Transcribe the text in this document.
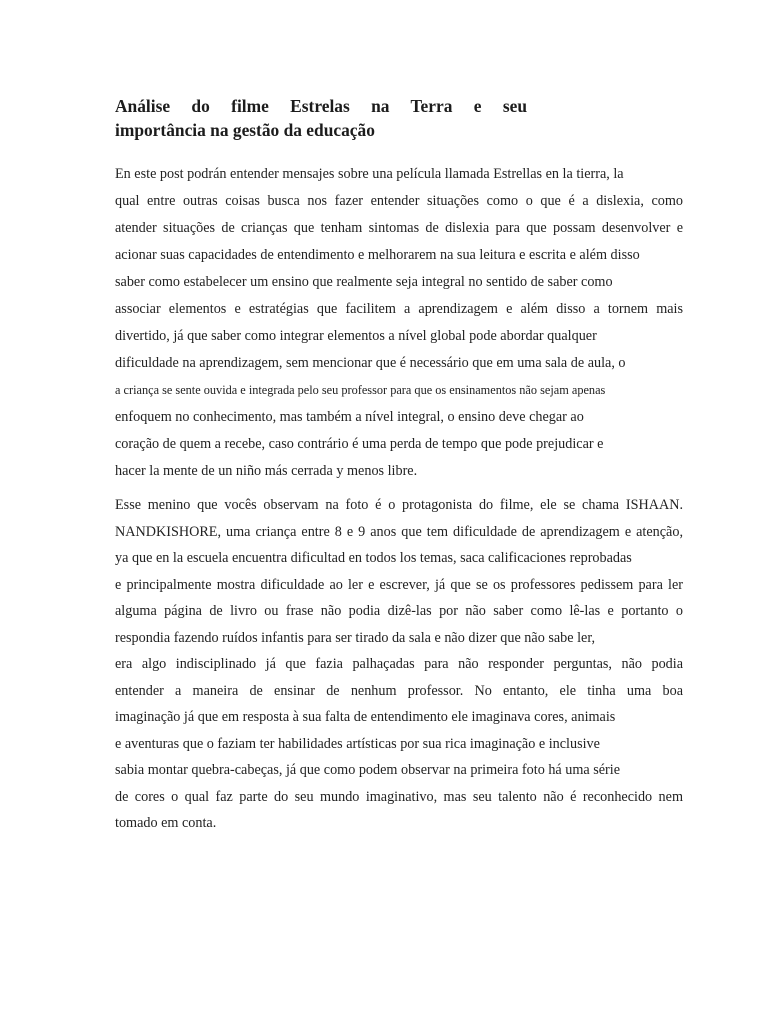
Análise do filme Estrelas na Terra e seu
importância na gestão da educação
En este post podrán entender mensajes sobre una película llamada Estrellas en la tierra, la
qual entre outras coisas busca nos fazer entender situações como o que é a dislexia, como
atender situações de crianças que tenham sintomas de dislexia para que possam desenvolver e
acionar suas capacidades de entendimento e melhorarem na sua leitura e escrita e além disso
saber como estabelecer um ensino que realmente seja integral no sentido de saber como
associar elementos e estratégias que facilitem a aprendizagem e além disso a tornem mais
divertido, já que saber como integrar elementos a nível global pode abordar qualquer
dificuldade na aprendizagem, sem mencionar que é necessário que em uma sala de aula, o
a criança se sente ouvida e integrada pelo seu professor para que os ensinamentos não sejam apenas
enfoquem no conhecimento, mas também a nível integral, o ensino deve chegar ao
coração de quem a recebe, caso contrário é uma perda de tempo que pode prejudicar e
hacer la mente de un niño más cerrada y menos libre.
Esse menino que vocês observam na foto é o protagonista do filme, ele se chama ISHAAN.
NANDKISHORE, uma criança entre 8 e 9 anos que tem dificuldade de aprendizagem e atenção,
ya que en la escuela encuentra dificultad en todos los temas, saca calificaciones reprobadas
e principalmente mostra dificuldade ao ler e escrever, já que se os professores pedissem para ler
alguma página de livro ou frase não podia dizê-las por não saber como lê-las e portanto o
respondia fazendo ruídos infantis para ser tirado da sala e não dizer que não sabe ler,
era algo indisciplinado já que fazia palhaçadas para não responder perguntas, não podia
entender a maneira de ensinar de nenhum professor. No entanto, ele tinha uma boa
imaginação já que em resposta à sua falta de entendimento ele imaginava cores, animais
e aventuras que o faziam ter habilidades artísticas por sua rica imaginação e inclusive
sabia montar quebra-cabeças, já que como podem observar na primeira foto há uma série
de cores o qual faz parte do seu mundo imaginativo, mas seu talento não é reconhecido nem
tomado em conta.
